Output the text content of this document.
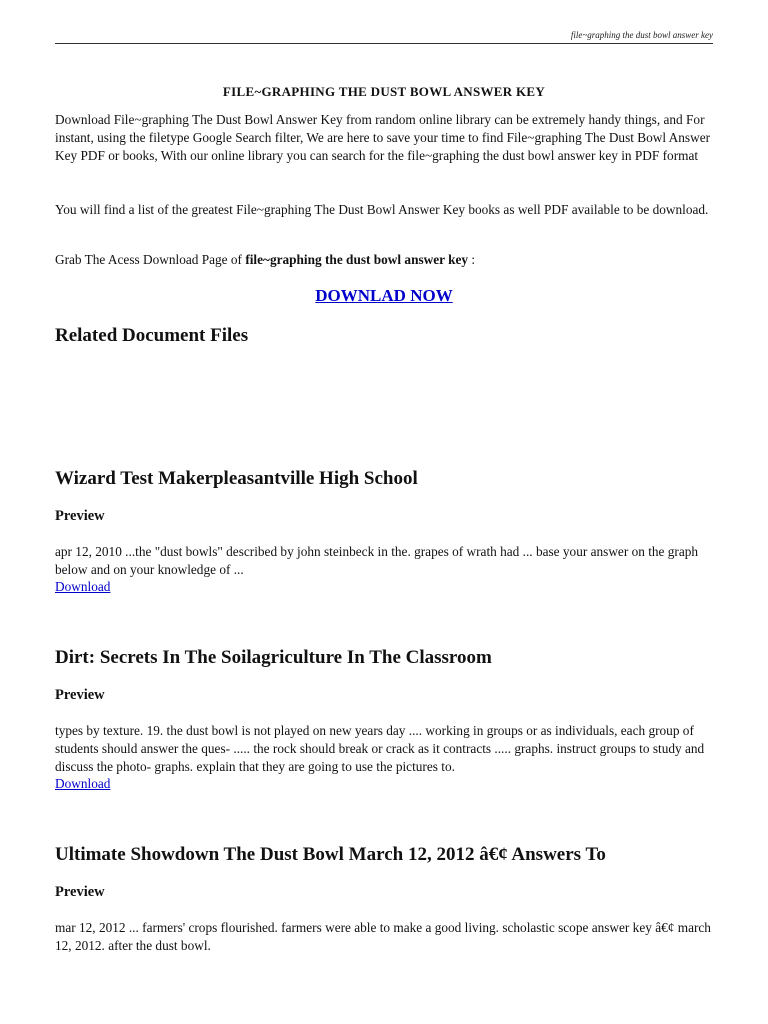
file~graphing the dust bowl answer key
FILE~GRAPHING THE DUST BOWL ANSWER KEY

Download File~graphing The Dust Bowl Answer Key from random online library can be extremely handy things, and For instant, using the filetype Google Search filter, We are here to save your time to find File~graphing The Dust Bowl Answer Key PDF or books, With our online library you can search for the file~graphing the dust bowl answer key in PDF format

You will find a list of the greatest File~graphing The Dust Bowl Answer Key books as well PDF available to be download.

Grab The Acess Download Page of file~graphing the dust bowl answer key :

DOWNLAD NOW
Related Document Files
Wizard Test Makerpleasantville High School
Preview

apr 12, 2010 ...the "dust bowls" described by john steinbeck in the. grapes of wrath had ... base your answer on the graph below and on your knowledge of ...

Download
Dirt: Secrets In The Soilagriculture In The Classroom
Preview

types by texture. 19. the dust bowl is not played on new years day .... working in groups or as individuals, each group of students should answer the ques- ..... the rock should break or crack as it contracts ..... graphs. instruct groups to study and discuss the photo- graphs. explain that they are going to use the pictures to.

Download
Ultimate Showdown The Dust Bowl March 12, 2012 â€¢ Answers To
Preview

mar 12, 2012 ... farmers' crops flourished. farmers were able to make a good living. scholastic scope answer key â€¢ march 12, 2012. after the dust bowl.
